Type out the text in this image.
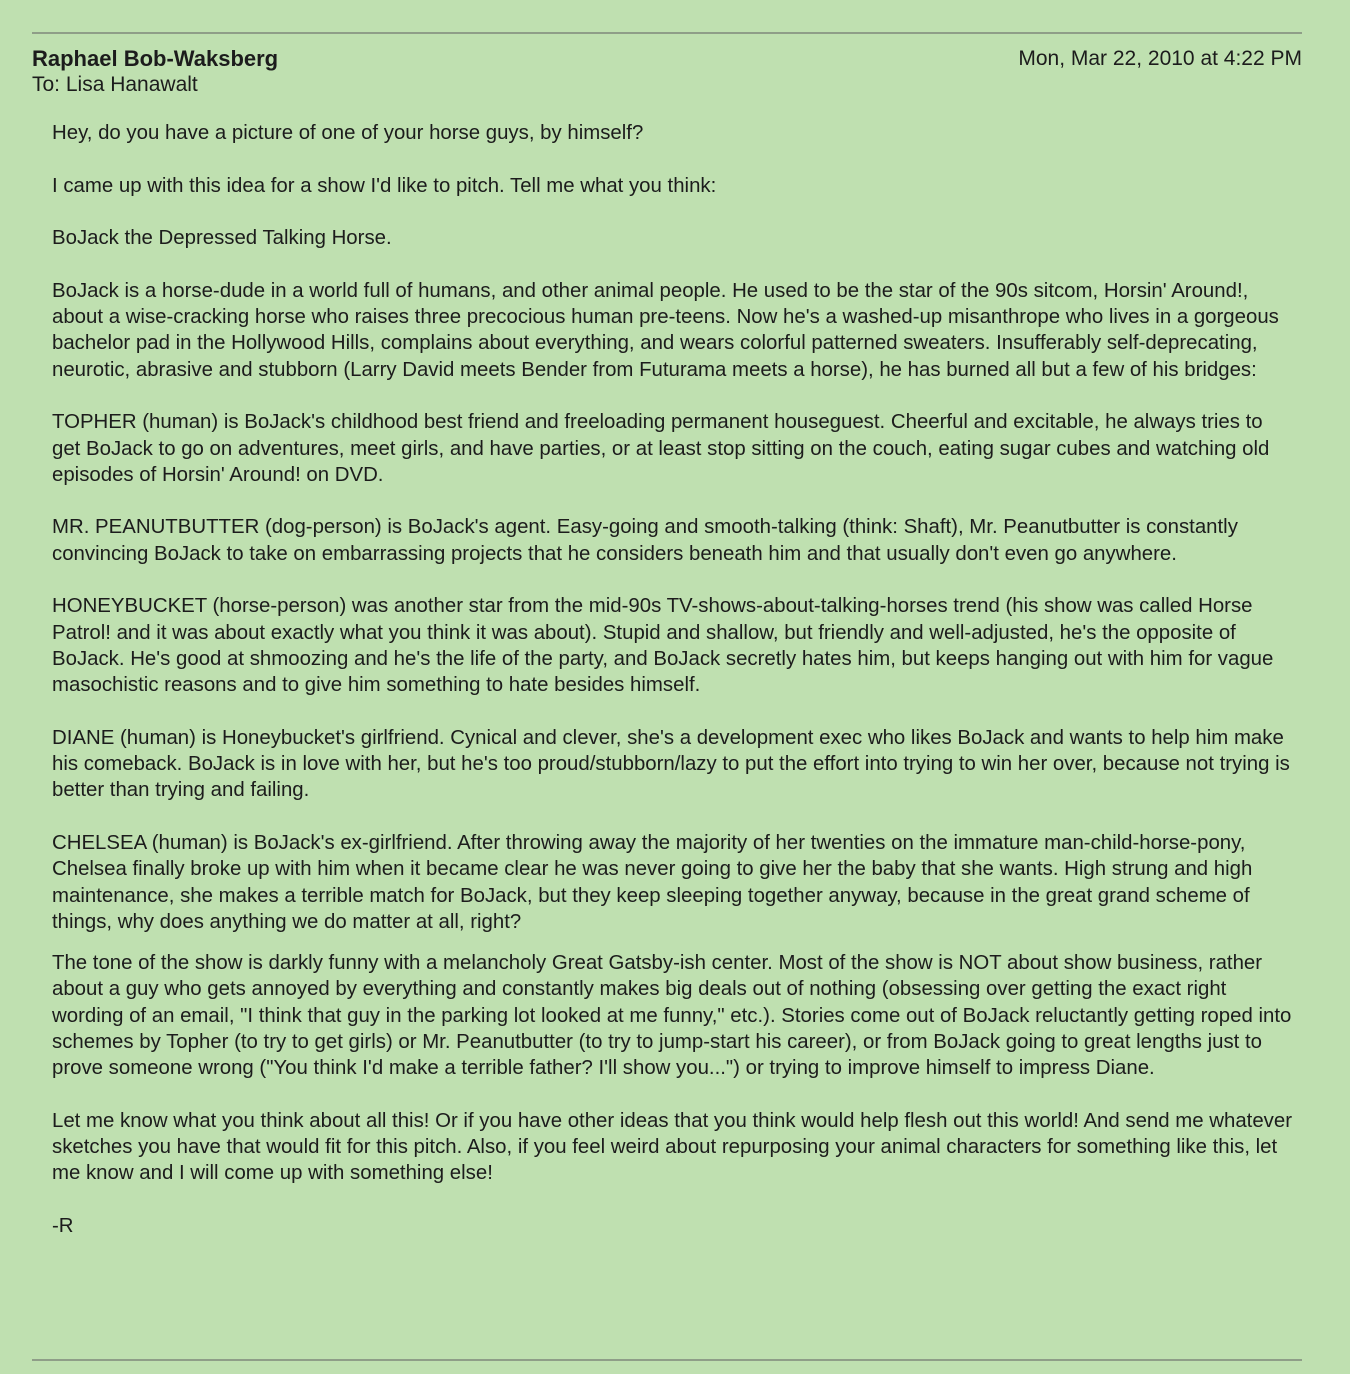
Raphael Bob-Waksberg
To: Lisa Hanawalt
Mon, Mar 22, 2010 at 4:22 PM

Hey, do you have a picture of one of your horse guys, by himself?

I came up with this idea for a show I'd like to pitch. Tell me what you think:

BoJack the Depressed Talking Horse.

BoJack is a horse-dude in a world full of humans, and other animal people. He used to be the star of the 90s sitcom, Horsin' Around!, about a wise-cracking horse who raises three precocious human pre-teens. Now he's a washed-up misanthrope who lives in a gorgeous bachelor pad in the Hollywood Hills, complains about everything, and wears colorful patterned sweaters. Insufferably self-deprecating, neurotic, abrasive and stubborn (Larry David meets Bender from Futurama meets a horse), he has burned all but a few of his bridges:

TOPHER (human) is BoJack's childhood best friend and freeloading permanent houseguest. Cheerful and excitable, he always tries to get BoJack to go on adventures, meet girls, and have parties, or at least stop sitting on the couch, eating sugar cubes and watching old episodes of Horsin' Around! on DVD.

MR. PEANUTBUTTER (dog-person) is BoJack's agent. Easy-going and smooth-talking (think: Shaft), Mr. Peanutbutter is constantly convincing BoJack to take on embarrassing projects that he considers beneath him and that usually don't even go anywhere.

HONEYBUCKET (horse-person) was another star from the mid-90s TV-shows-about-talking-horses trend (his show was called Horse Patrol! and it was about exactly what you think it was about). Stupid and shallow, but friendly and well-adjusted, he's the opposite of BoJack. He's good at shmoozing and he's the life of the party, and BoJack secretly hates him, but keeps hanging out with him for vague masochistic reasons and to give him something to hate besides himself.

DIANE (human) is Honeybucket's girlfriend. Cynical and clever, she's a development exec who likes BoJack and wants to help him make his comeback. BoJack is in love with her, but he's too proud/stubborn/lazy to put the effort into trying to win her over, because not trying is better than trying and failing.

CHELSEA (human) is BoJack's ex-girlfriend. After throwing away the majority of her twenties on the immature man-child-horse-pony, Chelsea finally broke up with him when it became clear he was never going to give her the baby that she wants. High strung and high maintenance, she makes a terrible match for BoJack, but they keep sleeping together anyway, because in the great grand scheme of things, why does anything we do matter at all, right?

The tone of the show is darkly funny with a melancholy Great Gatsby-ish center. Most of the show is NOT about show business, rather about a guy who gets annoyed by everything and constantly makes big deals out of nothing (obsessing over getting the exact right wording of an email, "I think that guy in the parking lot looked at me funny," etc.). Stories come out of BoJack reluctantly getting roped into schemes by Topher (to try to get girls) or Mr. Peanutbutter (to try to jump-start his career), or from BoJack going to great lengths just to prove someone wrong ("You think I'd make a terrible father? I'll show you...") or trying to improve himself to impress Diane.

Let me know what you think about all this! Or if you have other ideas that you think would help flesh out this world! And send me whatever sketches you have that would fit for this pitch. Also, if you feel weird about repurposing your animal characters for something like this, let me know and I will come up with something else!

-R
